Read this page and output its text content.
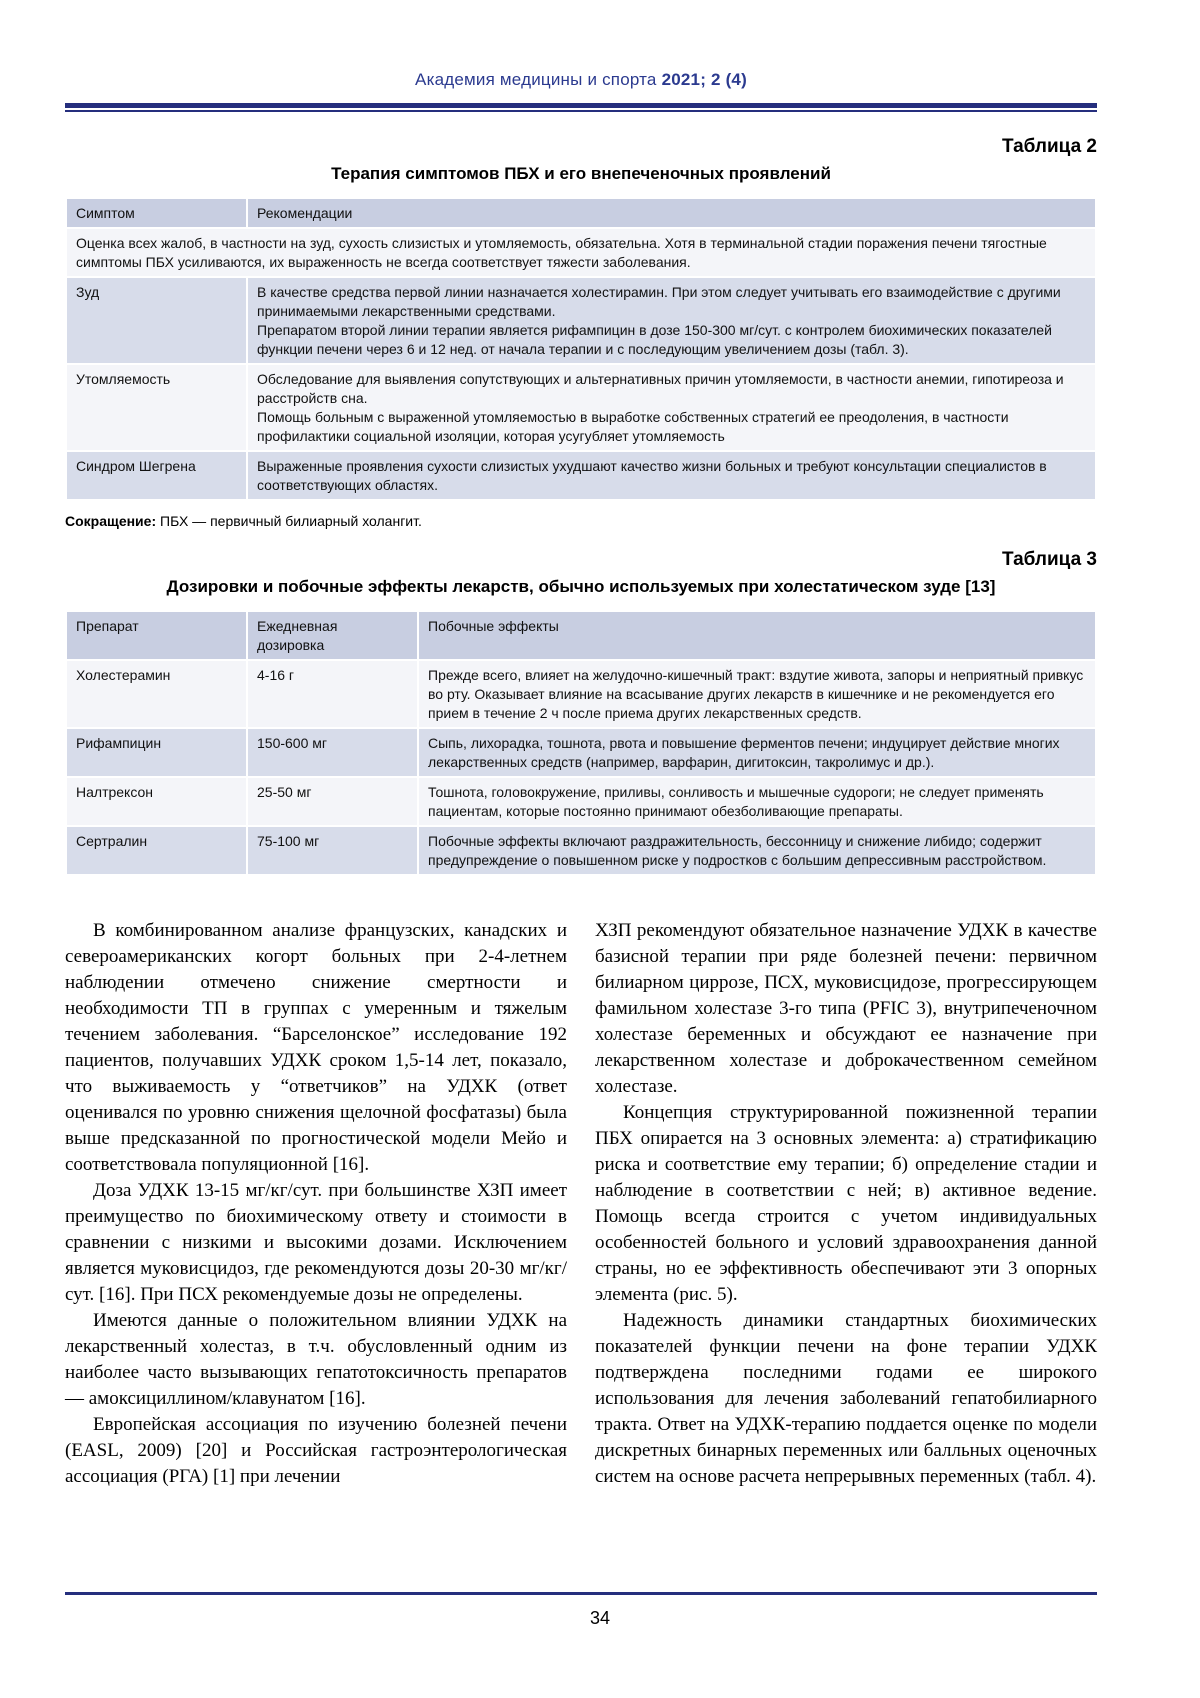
Академия медицины и спорта 2021; 2 (4)
Таблица 2
Терапия симптомов ПБХ и его внепеченочных проявлений
Симптом	Рекомендации
Оценка всех жалоб, в частности на зуд, сухость слизистых и утомляемость, обязательна. Хотя в терминальной стадии поражения печени тягостные симптомы ПБХ усиливаются, их выраженность не всегда соответствует тяжести заболевания.	
Зуд	В качестве средства первой линии назначается холестирамин. При этом следует учитывать его взаимодействие с другими принимаемыми лекарственными средствами.
Препаратом второй линии терапии является рифампицин в дозе 150-300 мг/сут. с контролем биохимических показателей функции печени через 6 и 12 нед. от начала терапии и с последующим увеличением дозы (табл. 3).

Утомляемость	Обследование для выявления сопутствующих и альтернативных причин утомляемости, в частности анемии, гипотиреоза и расстройств сна.
Помощь больным с выраженной утомляемостью в выработке собственных стратегий ее преодоления, в частности профилактики социальной изоляции, которая усугубляет утомляемость

Синдром Шегрена	Выраженные проявления сухости слизистых ухудшают качество жизни больных и требуют консультации специалистов в соответствующих областях.
Сокращение: ПБХ — первичный билиарный холангит.
Таблица 3
Дозировки и побочные эффекты лекарств, обычно используемых при холестатическом зуде [13]
Препарат	Ежедневная дозировка	Побочные эффекты
Холестерамин	4-16 г	Прежде всего, влияет на желудочно-кишечный тракт: вздутие живота, запоры и неприятный привкус во рту. Оказывает влияние на всасывание других лекарств в кишечнике и не рекомендуется его прием в течение 2 ч после приема других лекарственных средств.
Рифампицин	150-600 мг	Сыпь, лихорадка, тошнота, рвота и повышение ферментов печени; индуцирует действие многих лекарственных средств (например, варфарин, дигитоксин, такролимус и др.).
Налтрексон	25-50 мг	Тошнота, головокружение, приливы, сонливость и мышечные судороги; не следует применять пациентам, которые постоянно принимают обезболивающие препараты.
Сертралин	75-100 мг	Побочные эффекты включают раздражительность, бессонницу и снижение либидо; содержит предупреждение о повышенном риске у подростков с большим депрессивным расстройством.

В комбинированном анализе французских, канадских и североамериканских когорт больных при 2-4-летнем наблюдении отмечено снижение смертности и необходимости ТП в группах с умеренным и тяжелым течением заболевания. “Барселонское” исследование 192 пациентов, получавших УДХК сроком 1,5-14 лет, показало, что выживаемость у “ответчиков” на УДХК (ответ оценивался по уровню снижения щелочной фосфатазы) была выше предсказанной по прогностической модели Мейо и соответствовала популяционной [16].

Доза УДХК 13-15 мг/кг/сут. при большинстве ХЗП имеет преимущество по биохимическому ответу и стоимости в сравнении с низкими и высокими дозами. Исключением является муковисцидоз, где рекомендуются дозы 20-30 мг/кг/сут. [16]. При ПСХ рекомендуемые дозы не определены.

Имеются данные о положительном влиянии УДХК на лекарственный холестаз, в т.ч. обусловленный одним из наиболее часто вызывающих гепатотоксичность препаратов — амоксициллином/клавунатом [16].

Европейская ассоциация по изучению болезней печени (EASL, 2009) [20] и Российская гастроэнтерологическая ассоциация (РГА) [1] при лечении

ХЗП рекомендуют обязательное назначение УДХК в качестве базисной терапии при ряде болезней печени: первичном билиарном циррозе, ПСХ, муковисцидозе, прогрессирующем фамильном холестазе 3-го типа (PFIC 3), внутрипеченочном холестазе беременных и обсуждают ее назначение при лекарственном холестазе и доброкачественном семейном холестазе.

Концепция структурированной пожизненной терапии ПБХ опирается на 3 основных элемента: а) стратификацию риска и соответствие ему терапии; б) определение стадии и наблюдение в соответствии с ней; в) активное ведение. Помощь всегда строится с учетом индивидуальных особенностей больного и условий здравоохранения данной страны, но ее эффективность обеспечивают эти 3 опорных элемента (рис. 5).

Надежность динамики стандартных биохимических показателей функции печени на фоне терапии УДХК подтверждена последними годами ее широкого использования для лечения заболеваний гепатобилиарного тракта. Ответ на УДХК-терапию поддается оценке по модели дискретных бинарных переменных или балльных оценочных систем на основе расчета непрерывных переменных (табл. 4).

34
